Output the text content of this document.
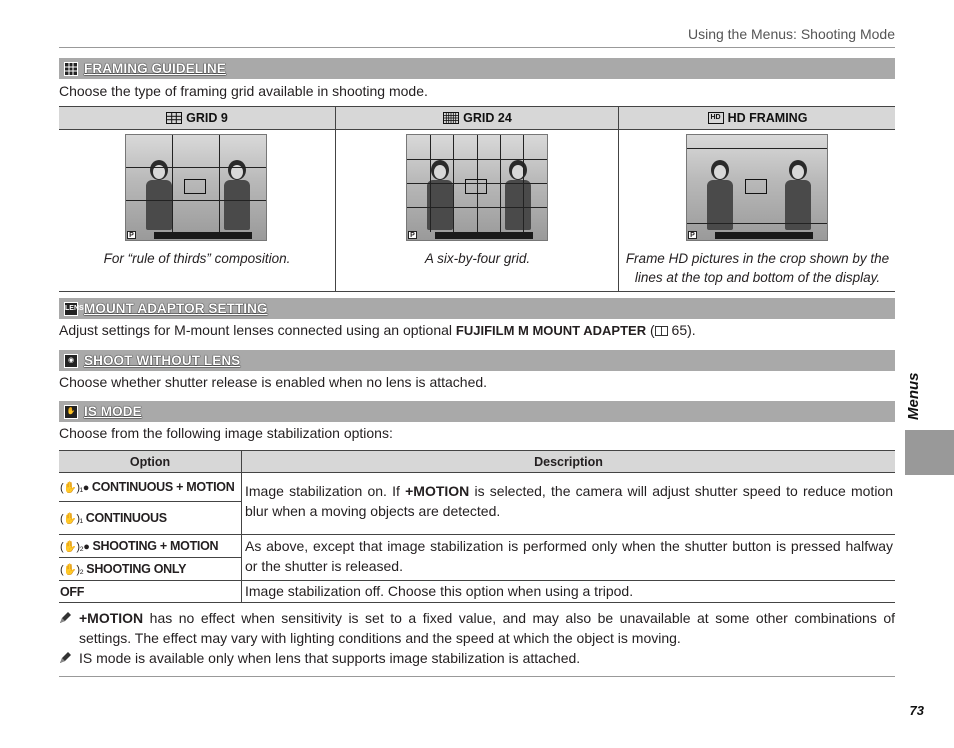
Using the Menus: Shooting Mode
FRAMING GUIDELINE
Choose the type of framing grid available in shooting mode.
GRID 9
P
For “rule of thirds” composition.
GRID 24
P
A six-by-four grid.
HD HD FRAMING
P
Frame HD pictures in the crop shown by the lines at the top and bottom of the display.
LENS MOUNT ADAPTOR SETTING
Adjust settings for M-mount lenses connected using an optional FUJIFILM M MOUNT ADAPTER (
65).
◉ SHOOT WITHOUT LENS
Choose whether shutter release is enabled when no lens is attached.
✋ IS MODE
Choose from the following image stabilization options:
Option	Description
(✋)₁● CONTINUOUS + MOTION
(✋)₁ CONTINUOUS
Image stabilization on. If +MOTION is selected, the camera will adjust shutter speed to reduce motion blur when a moving objects are detected.
(✋)₂● SHOOTING + MOTION
(✋)₂ SHOOTING ONLY
As above, except that image stabilization is performed only when the shutter button is pressed halfway or the shutter is released.
OFF	Image stabilization off. Choose this option when using a tripod.
+MOTION has no effect when sensitivity is set to a fixed value, and may also be unavailable at some other combinations of settings. The effect may vary with lighting conditions and the speed at which the object is moving.
IS mode is available only when lens that supports image stabilization is attached.
73
Menus
